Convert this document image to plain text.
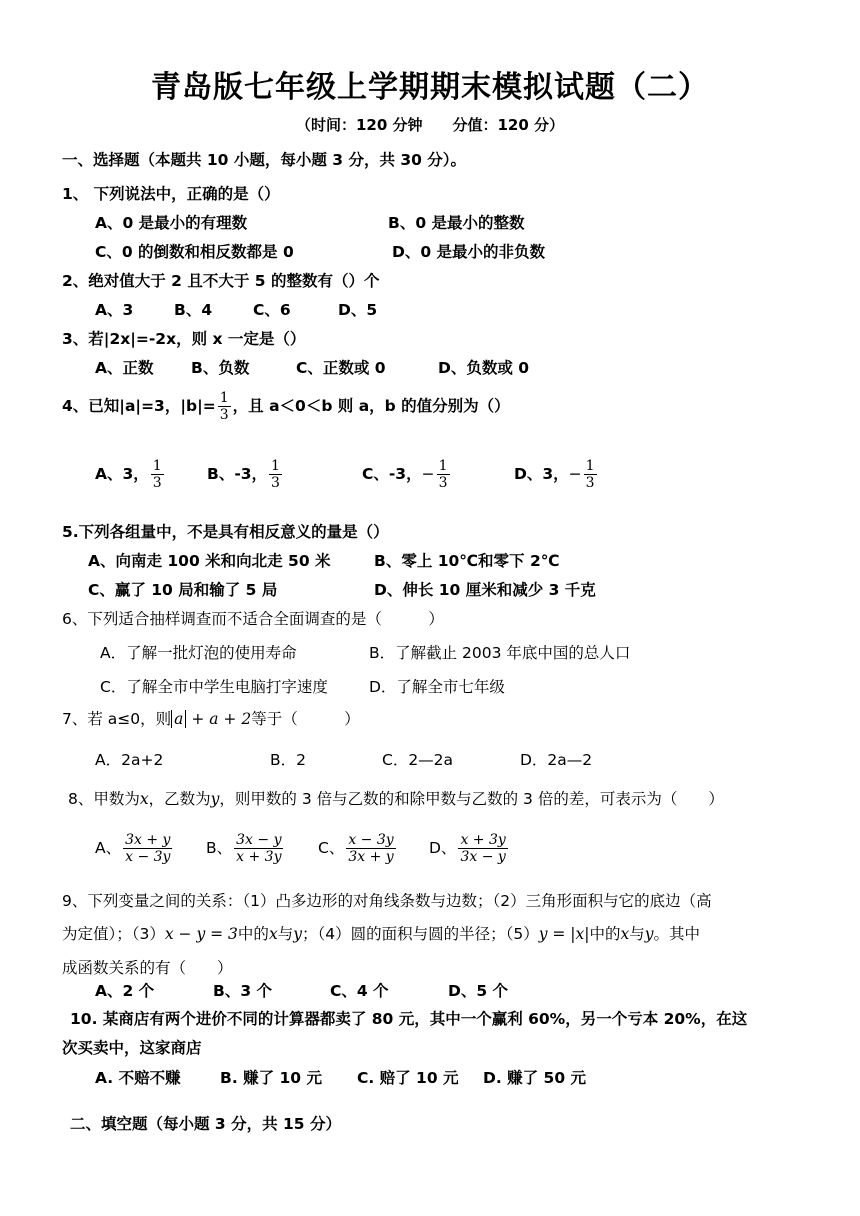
青岛版七年级上学期期末模拟试题（二）
（时间：120 分钟　　分值：120 分）
一、选择题（本题共 10 小题，每小题 3 分，共 30 分）。
1、 下列说法中，正确的是（）
A、0 是最小的有理数	B、0 是最小的整数
C、0 的倒数和相反数都是 0	D、0 是最小的非负数
2、绝对值大于 2 且不大于 5 的整数有（）个
A、3	B、4	C、6	D、5
3、若|2x|=-2x，则 x 一定是（）
A、正数 B、负数	C、正数或 0	D、负数或 0
4、已知|a|=3，$|b|= \frac{1}{3}$ ，且 a＜0＜b 则 a，b 的值分别为（）
A、3， $\frac{1}{3}$	B、-3， $\frac{1}{3}$	C、-3，− $\frac{1}{3}$	D、3，− $\frac{1}{3}$
5.下列各组量中，不是具有相反意义的量是（）
A、向南走 100 米和向北走 50 米	B、零上 10℃和零下 2℃
C、赢了 10 局和输了 5 局	D、伸长 10 厘米和减少 3 千克
6、下列适合抽样调查而不适合全面调查的是（　　　）
A．了解一批灯泡的使用寿命	B．了解截止 2003 年底中国的总人口
C．了解全市中学生电脑打字速度	D．了解全市七年级
7、若 a≤0，则 a + a + 2等于（　　　）
A．2a+2	B．2	C．2—2a	D．2a—2
8、甲数为x，乙数为y，则甲数的 3 倍与乙数的和除甲数与乙数的 3 倍的差，可表示为（　　）
A、 $\frac{3x + y}{x - 3y}$ B、 $\frac{3x - y}{x + 3y}$ C、 $\frac{x - 3y}{3x + y}$ D、 $\frac{x + 3y}{3x - y}$
9、下列变量之间的关系：（1）凸多边形的对角线条数与边数；（2）三角形面积与它的底边（高
为定值）；（3）x − y = 3中的x与y；（4）圆的面积与圆的半径；（5）y = |x|中的x与y。其中
成函数关系的有（　　）
A、2 个	B、3 个	C、4 个	D、5 个
10. 某商店有两个进价不同的计算器都卖了 80 元，其中一个赢利 60%，另一个亏本 20%，在这
次买卖中，这家商店
A. 不赔不赚	B. 赚了 10 元 C. 赔了 10 元 D. 赚了 50 元
二、填空题（每小题 3 分，共 15 分）
